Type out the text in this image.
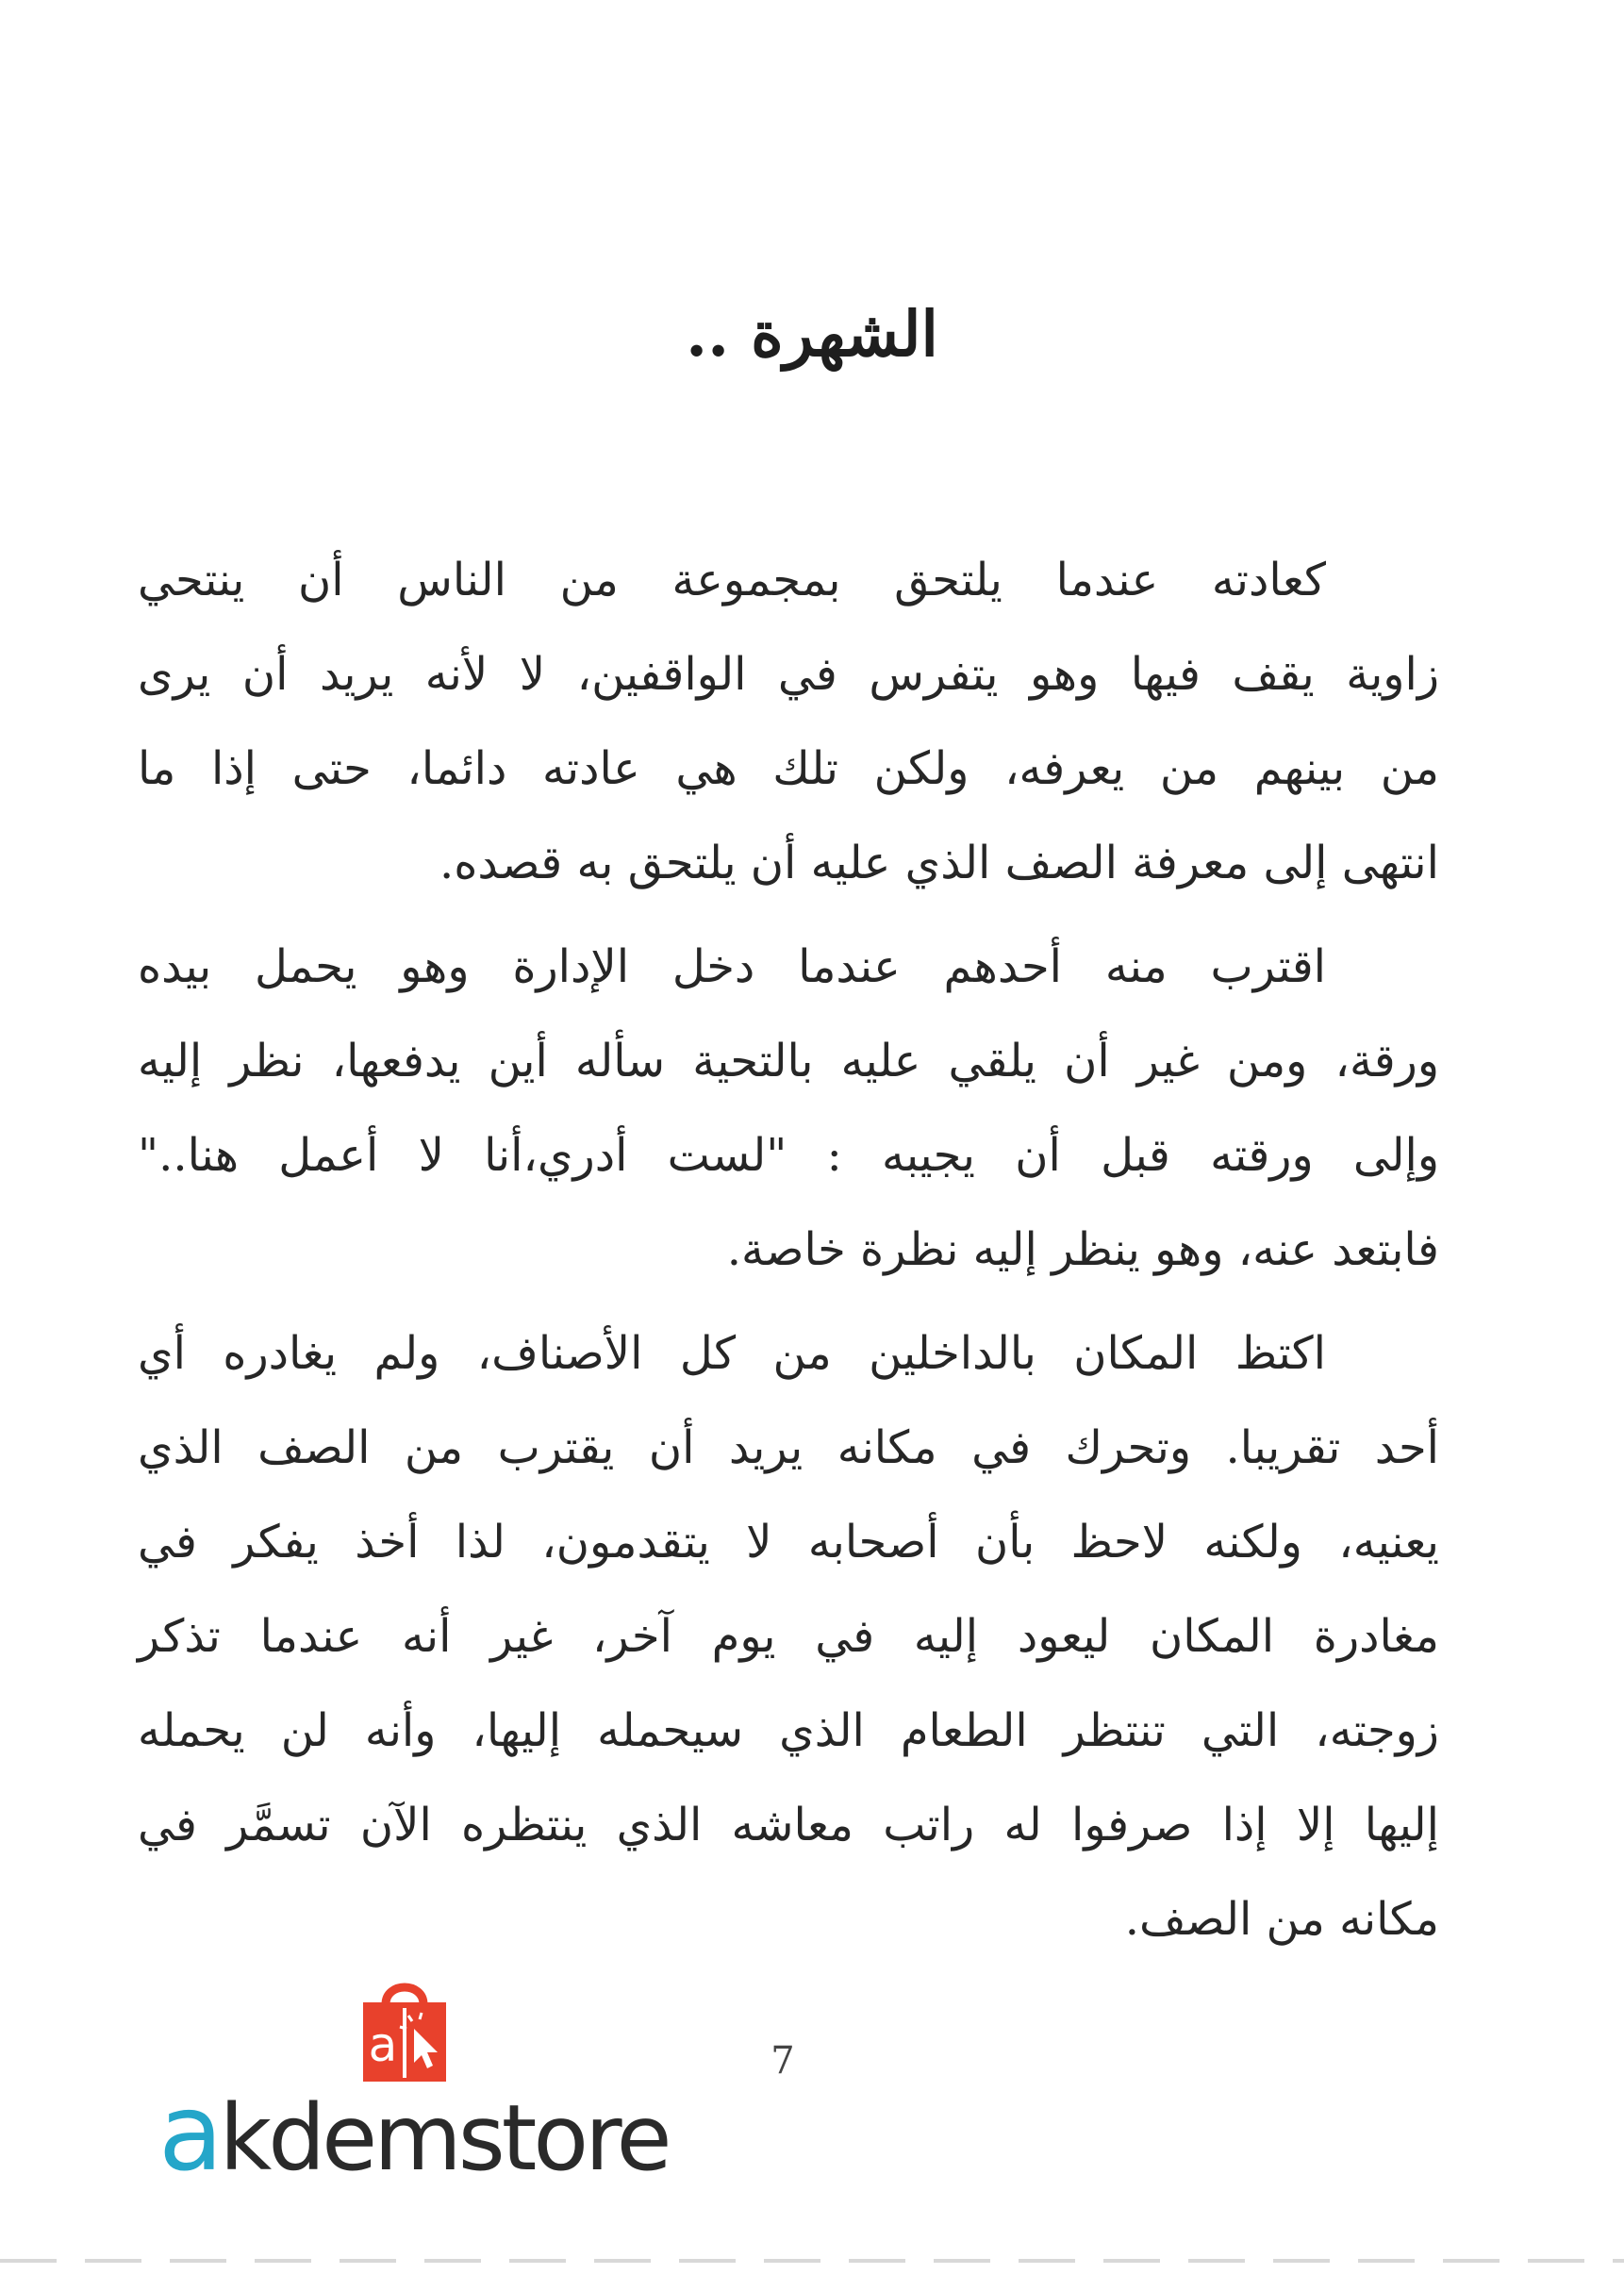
الشهرة ..

كعادته عندما يلتحق بمجموعة من الناس أن ينتحي
زاوية يقف فيها وهو يتفرس في الواقفين، لا لأنه يريد أن يرى
من بينهم من يعرفه، ولكن تلك هي عادته دائما، حتى إذا ما
انتهى إلى معرفة الصف الذي عليه أن يلتحق به قصده.

اقترب منه أحدهم عندما دخل الإدارة وهو يحمل بيده
ورقة، ومن غير أن يلقي عليه بالتحية سأله أين يدفعها، نظر إليه
وإلى ورقته قبل أن يجيبه : "لست أدري،أنا لا أعمل هنا.."
فابتعد عنه، وهو ينظر إليه نظرة خاصة.

اكتظ المكان بالداخلين من كل الأصناف، ولم يغادره أي
أحد تقريبا. وتحرك في مكانه يريد أن يقترب من الصف الذي
يعنيه، ولكنه لاحظ بأن أصحابه لا يتقدمون، لذا أخذ يفكر في
مغادرة المكان ليعود إليه في يوم آخر، غير أنه عندما تذكر
زوجته، التي تنتظر الطعام الذي سيحمله إليها، وأنه لن يحمله
إليها إلا إذا صرفوا له راتب معاشه الذي ينتظره الآن تسمَّر في
مكانه من الصف.

7
a
akdemstore
